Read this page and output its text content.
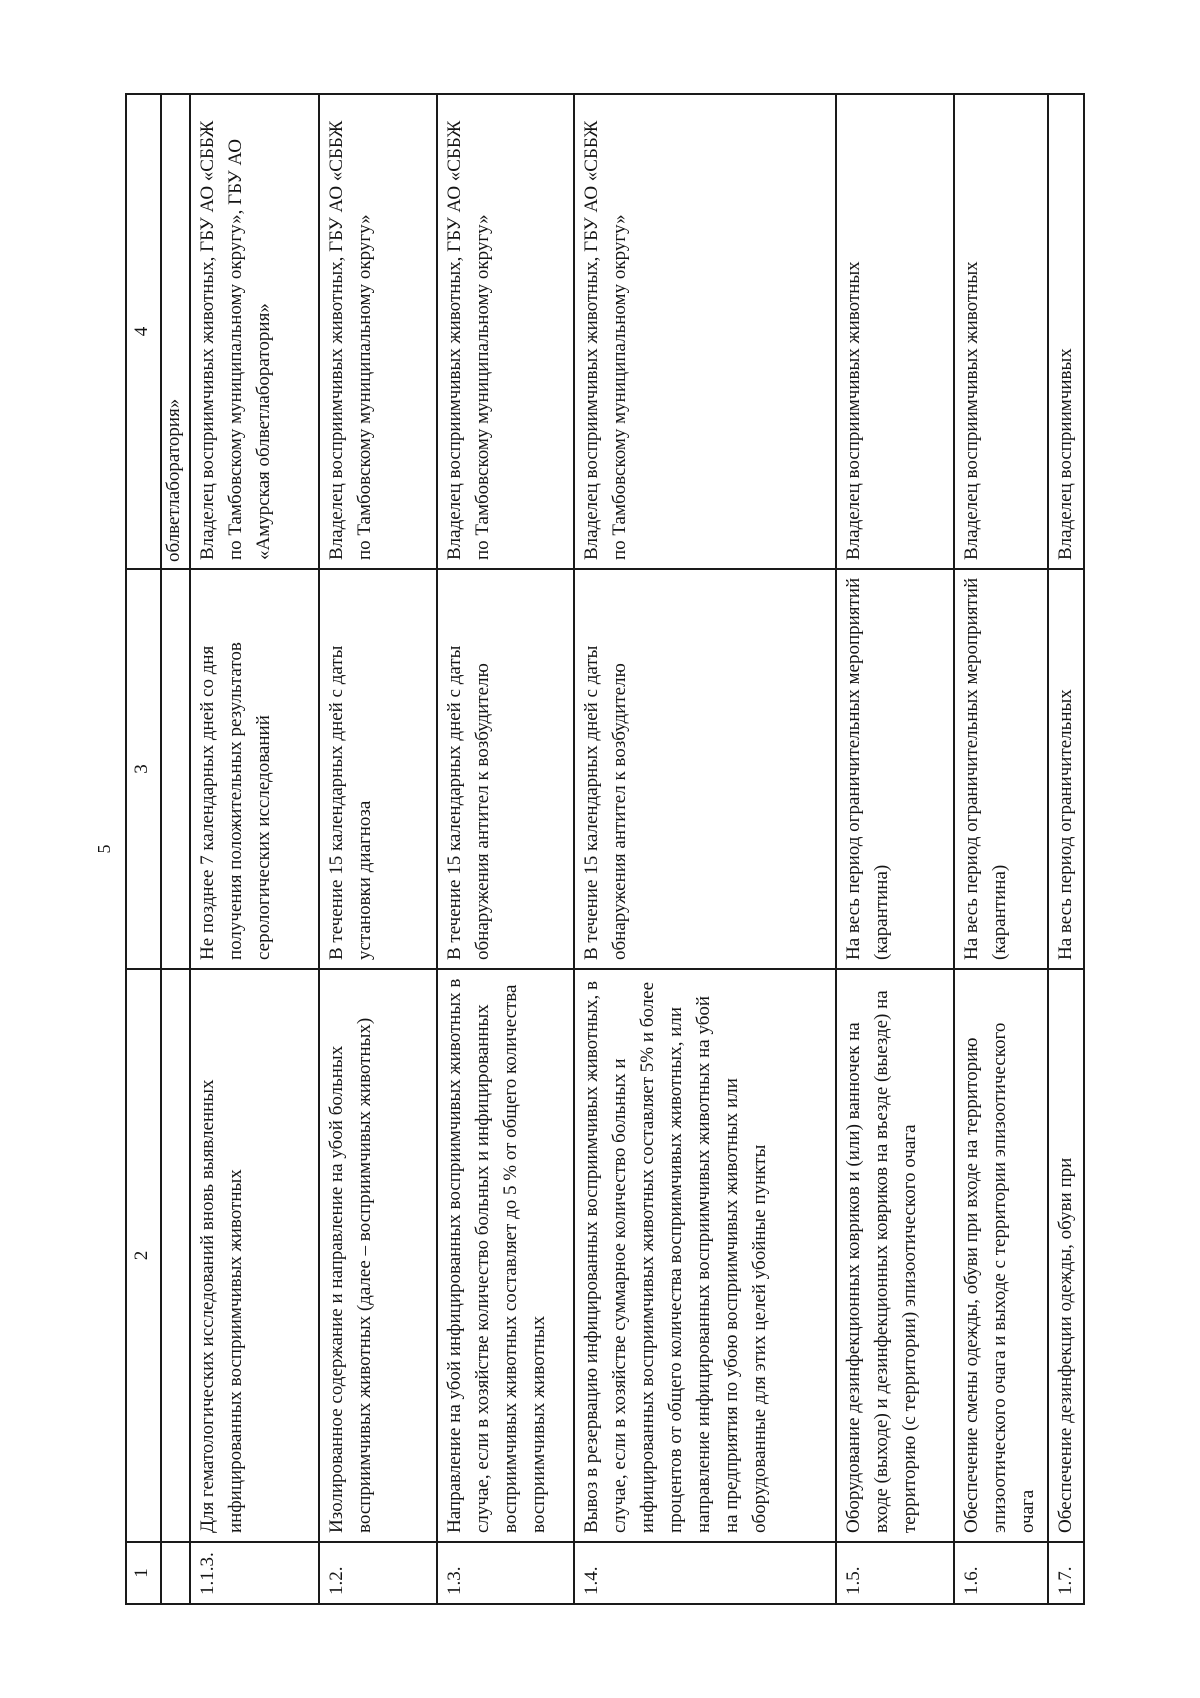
5
1	2	3	4
			облветлаборатория»
1.1.3.	Для гематологических исследований вновь выявленных инфицированных восприимчивых животных	Не позднее 7 календарных дней со дня получения положительных результатов серологических исследований	Владелец восприимчивых животных, ГБУ АО «СББЖ по Тамбовскому муниципальному округу», ГБУ АО «Амурская облветлаборатория»
1.2.	Изолированное содержание и направление на убой больных восприимчивых животных (далее – восприимчивых животных)	В течение 15 календарных дней с даты установки диагноза	Владелец восприимчивых животных, ГБУ АО «СББЖ по Тамбовскому муниципальному округу»
1.3.	Направление на убой инфицированных восприимчивых животных в случае, если в хозяйстве количество больных и инфицированных восприимчивых животных составляет до 5 % от общего количества восприимчивых животных	В течение 15 календарных дней с даты обнаружения антител к возбудителю	Владелец восприимчивых животных, ГБУ АО «СББЖ по Тамбовскому муниципальному округу»
1.4.	Вывоз в резервацию инфицированных восприимчивых животных, в случае, если в хозяйстве суммарное количество больных и инфицированных восприимчивых животных составляет 5% и более процентов от общего количества восприимчивых животных, или направление инфицированных восприимчивых животных на убой на предприятия по убою восприимчивых животных или оборудованные для этих целей убойные пункты	В течение 15 календарных дней с даты обнаружения антител к возбудителю	Владелец восприимчивых животных, ГБУ АО «СББЖ по Тамбовскому муниципальному округу»
1.5.	Оборудование дезинфекционных ковриков и (или) ванночек на входе (выходе) и дезинфекционных ковриков на въезде (выезде) на территорию (с территории) эпизоотического очага	На весь период ограничительных мероприятий (карантина)	Владелец восприимчивых животных
1.6.	Обеспечение смены одежды, обуви при входе на территорию эпизоотического очага и выходе с территории эпизоотического очага	На весь период ограничительных мероприятий (карантина)	Владелец восприимчивых животных
1.7.	Обеспечение дезинфекции одежды, обуви при	На весь период ограничительных	Владелец восприимчивых
